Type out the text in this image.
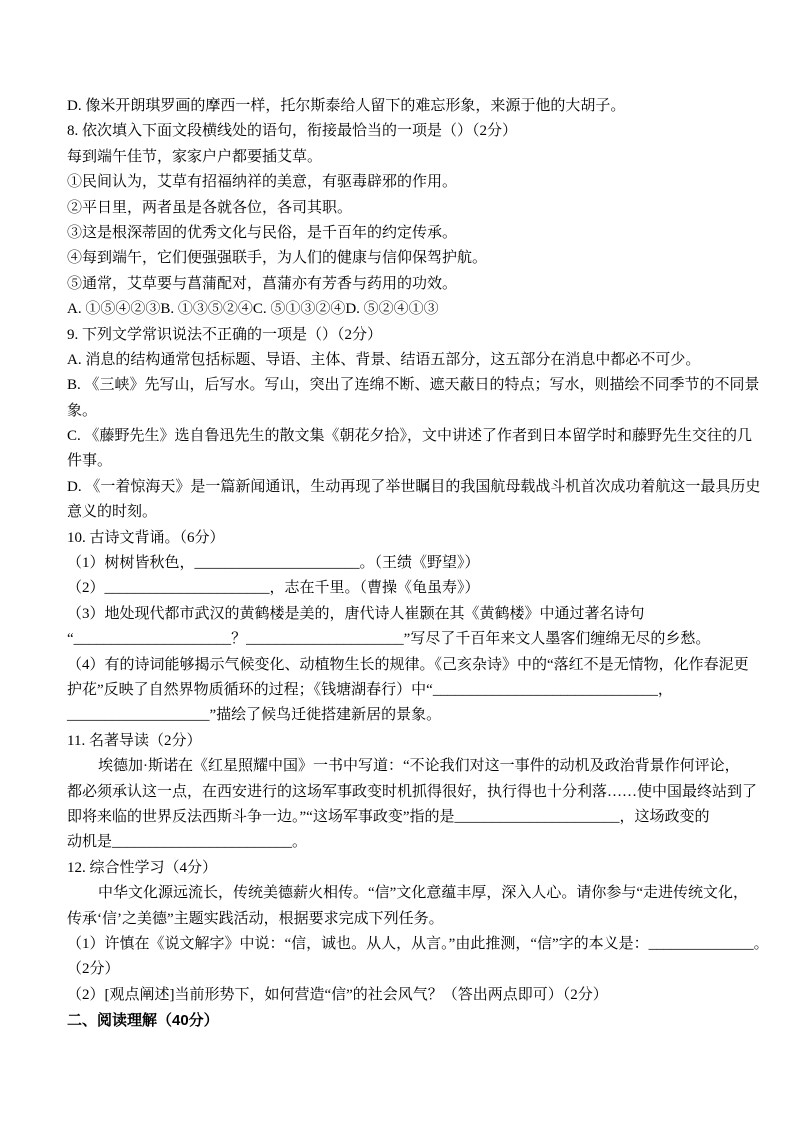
D. 像米开朗琪罗画的摩西一样，托尔斯泰给人留下的难忘形象，来源于他的大胡子。
8. 依次填入下面文段横线处的语句，衔接最恰当的一项是（）（2分）
每到端午佳节，家家户户都要插艾草。
①民间认为，艾草有招福纳祥的美意，有驱毒辟邪的作用。
②平日里，两者虽是各就各位，各司其职。
③这是根深蒂固的优秀文化与民俗，是千百年的约定传承。
④每到端午，它们便强强联手，为人们的健康与信仰保驾护航。
⑤通常，艾草要与菖蒲配对，菖蒲亦有芳香与药用的功效。
A. ①⑤④②③B. ①③⑤②④C. ⑤①③②④D. ⑤②④①③
9. 下列文学常识说法不正确的一项是（）（2分）
A. 消息的结构通常包括标题、导语、主体、背景、结语五部分，这五部分在消息中都必不可少。
B. 《三峡》先写山，后写水。写山，突出了连绵不断、遮天蔽日的特点；写水，则描绘不同季节的不同景
象。
C. 《藤野先生》选自鲁迅先生的散文集《朝花夕拾》，文中讲述了作者到日本留学时和藤野先生交往的几
件事。
D. 《一着惊海天》是一篇新闻通讯，生动再现了举世瞩目的我国航母载战斗机首次成功着航这一最具历史
意义的时刻。
10. 古诗文背诵。（6分）
（1）树树皆秋色，______________________。（王绩《野望》）
（2）______________________，志在千里。（曹操《龟虽寿》）
（3）地处现代都市武汉的黄鹤楼是美的，唐代诗人崔颢在其《黄鹤楼》中通过著名诗句
“_____________________？_____________________”写尽了千百年来文人墨客们缠绵无尽的乡愁。
（4）有的诗词能够揭示气候变化、动植物生长的规律。《己亥杂诗》中的“落红不是无情物，化作春泥更
护花”反映了自然界物质循环的过程；《钱塘湖春行）中“______________________________，
___________________”描绘了候鸟迁徙搭建新居的景象。
11. 名著导读（2分）
埃德加·斯诺在《红星照耀中国》一书中写道：“不论我们对这一事件的动机及政治背景作何评论，
都必须承认这一点，在西安进行的这场军事政变时机抓得很好，执行得也十分利落……使中国最终站到了
即将来临的世界反法西斯斗争一边。”“这场军事政变”指的是______________________，这场政变的
动机是________________________。
12. 综合性学习（4分）
中华文化源远流长，传统美德薪火相传。“信”文化意蕴丰厚，深入人心。请你参与“走进传统文化，
传承‘信’之美德”主题实践活动，根据要求完成下列任务。
（1）许慎在《说文解字》中说：“信，诚也。从人，从言。”由此推测，“信”字的本义是：______________。
（2分）
（2）[观点阐述]当前形势下，如何营造“信”的社会风气？（答出两点即可）（2分）
二、阅读理解（40分）
